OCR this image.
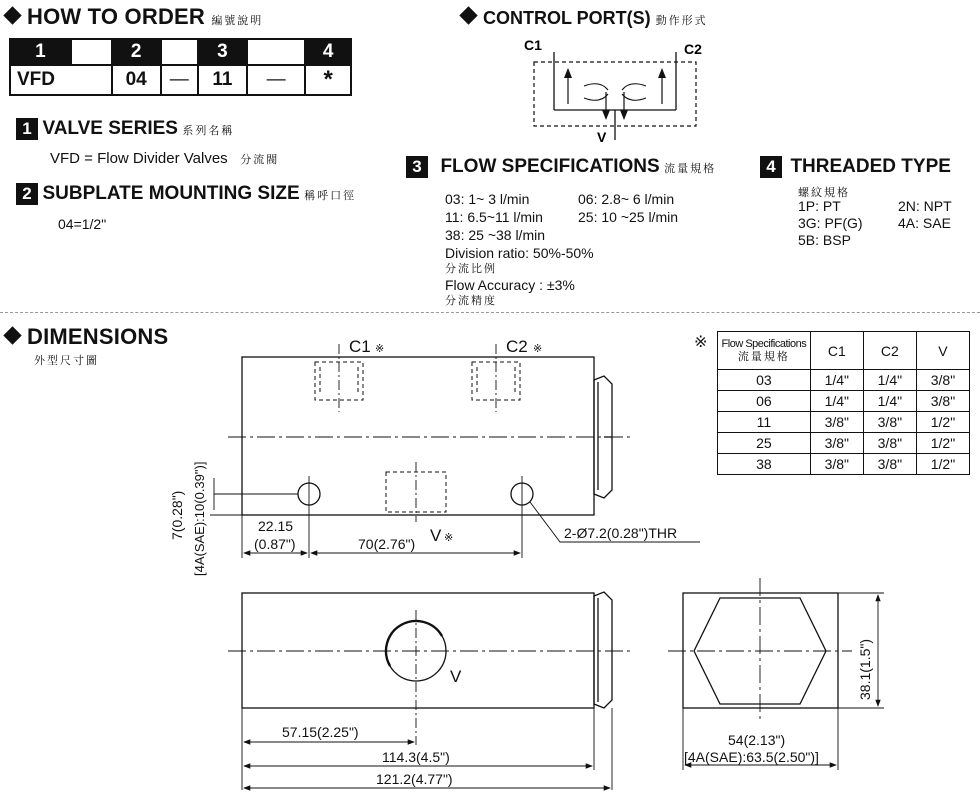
HOW TO ORDER 編號說明
1		2		3		4
VFD		04	—	11	—	*
1 VALVE SERIES 系列名稱
VFD = Flow Divider Valves 分流閥
2 SUBPLATE MOUNTING SIZE 稱呼口徑
04=1/2"
CONTROL PORT(S) 動作形式
C1	C2
V
3 FLOW SPECIFICATIONS 流量規格
03: 1~ 3 l/min
11: 6.5~11 l/min
38: 25 ~38 l/min
Division ratio: 50%-50%
分流比例
Flow Accuracy : ±3%
分流精度
06: 2.8~ 6 l/min
25: 10 ~25 l/min
4 THREADED TYPE
螺紋規格
1P: PT
3G: PF(G)
5B: BSP
2N: NPT
4A: SAE
DIMENSIONS
外型尺寸圖
※	Flow Specifications
流量規格	C1	C2	V
03	1/4"	1/4"	3/8"
06	1/4"	1/4"	3/8"
11	3/8"	3/8"	1/2"
25	3/8"	3/8"	1/2"
38	3/8"	3/8"	1/2"
C1 ※	C2 ※
V ※
22.15
(0.87")	70(2.76")
2-Ø7.2(0.28")THR
7(0.28") [4A(SAE):10(0.39")]
V
57.15(2.25")
114.3(4.5")
121.2(4.77")
54(2.13")
[4A(SAE):63.5(2.50")]
38.1(1.5")
